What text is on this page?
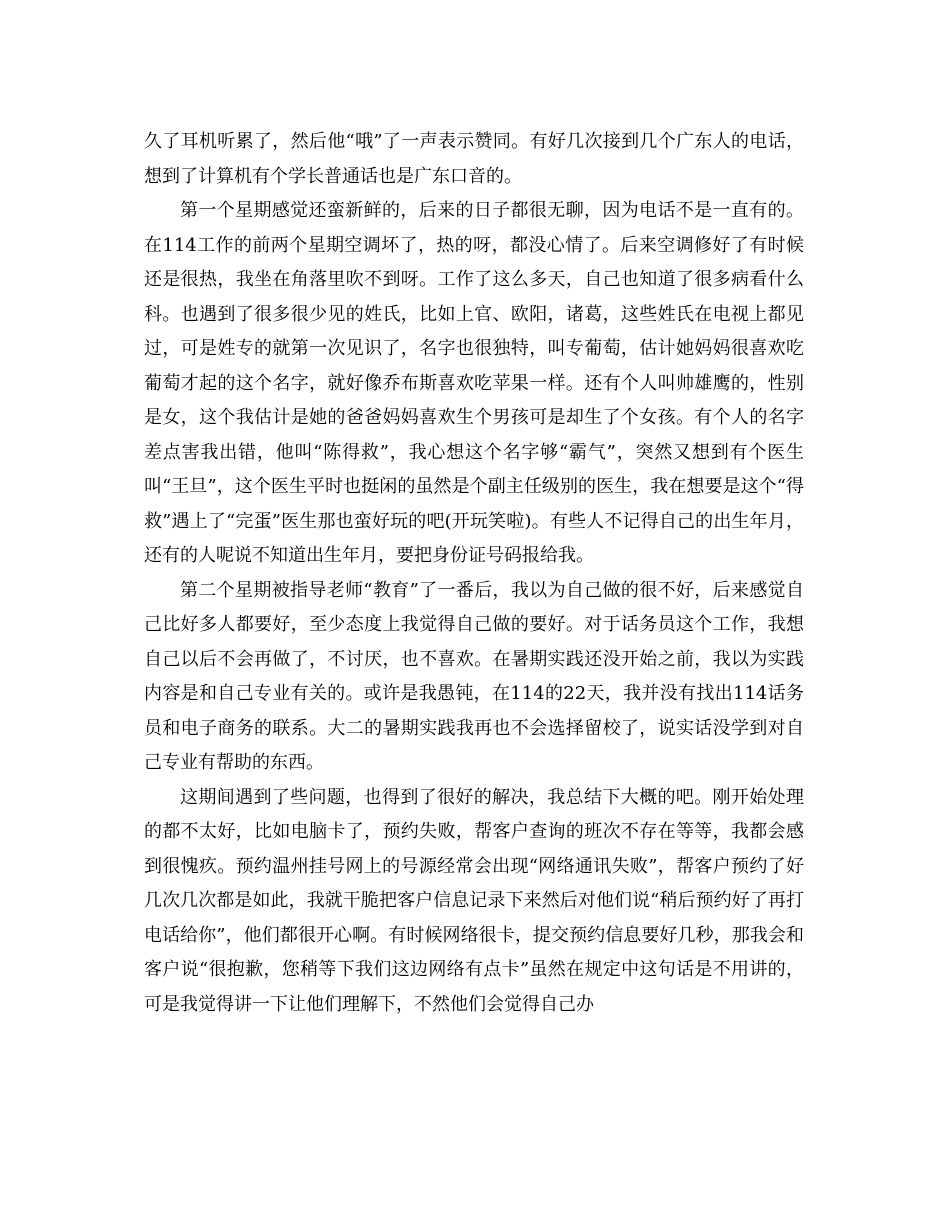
久了耳机听累了，然后他“哦”了一声表示赞同。有好几次接到几个广东人的电话，想到了计算机有个学长普通话也是广东口音的。

第一个星期感觉还蛮新鲜的，后来的日子都很无聊，因为电话不是一直有的。在114工作的前两个星期空调坏了，热的呀，都没心情了。后来空调修好了有时候还是很热，我坐在角落里吹不到呀。工作了这么多天，自己也知道了很多病看什么科。也遇到了很多很少见的姓氏，比如上官、欧阳，诸葛，这些姓氏在电视上都见过，可是姓专的就第一次见识了，名字也很独特，叫专葡萄，估计她妈妈很喜欢吃葡萄才起的这个名字，就好像乔布斯喜欢吃苹果一样。还有个人叫帅雄鹰的，性别是女，这个我估计是她的爸爸妈妈喜欢生个男孩可是却生了个女孩。有个人的名字差点害我出错，他叫“陈得救”，我心想这个名字够“霸气”，突然又想到有个医生叫“王旦”，这个医生平时也挺闲的虽然是个副主任级别的医生，我在想要是这个“得救”遇上了“完蛋”医生那也蛮好玩的吧(开玩笑啦)。有些人不记得自己的出生年月，还有的人呢说不知道出生年月，要把身份证号码报给我。

第二个星期被指导老师“教育”了一番后，我以为自己做的很不好，后来感觉自己比好多人都要好，至少态度上我觉得自己做的要好。对于话务员这个工作，我想自己以后不会再做了，不讨厌，也不喜欢。在暑期实践还没开始之前，我以为实践内容是和自己专业有关的。或许是我愚钝，在114的22天，我并没有找出114话务员和电子商务的联系。大二的暑期实践我再也不会选择留校了，说实话没学到对自己专业有帮助的东西。

这期间遇到了些问题，也得到了很好的解决，我总结下大概的吧。刚开始处理的都不太好，比如电脑卡了，预约失败，帮客户查询的班次不存在等等，我都会感到很愧疚。预约温州挂号网上的号源经常会出现“网络通讯失败”，帮客户预约了好几次几次都是如此，我就干脆把客户信息记录下来然后对他们说“稍后预约好了再打电话给你”，他们都很开心啊。有时候网络很卡，提交预约信息要好几秒，那我会和客户说“很抱歉，您稍等下我们这边网络有点卡”虽然在规定中这句话是不用讲的，可是我觉得讲一下让他们理解下，不然他们会觉得自己办
